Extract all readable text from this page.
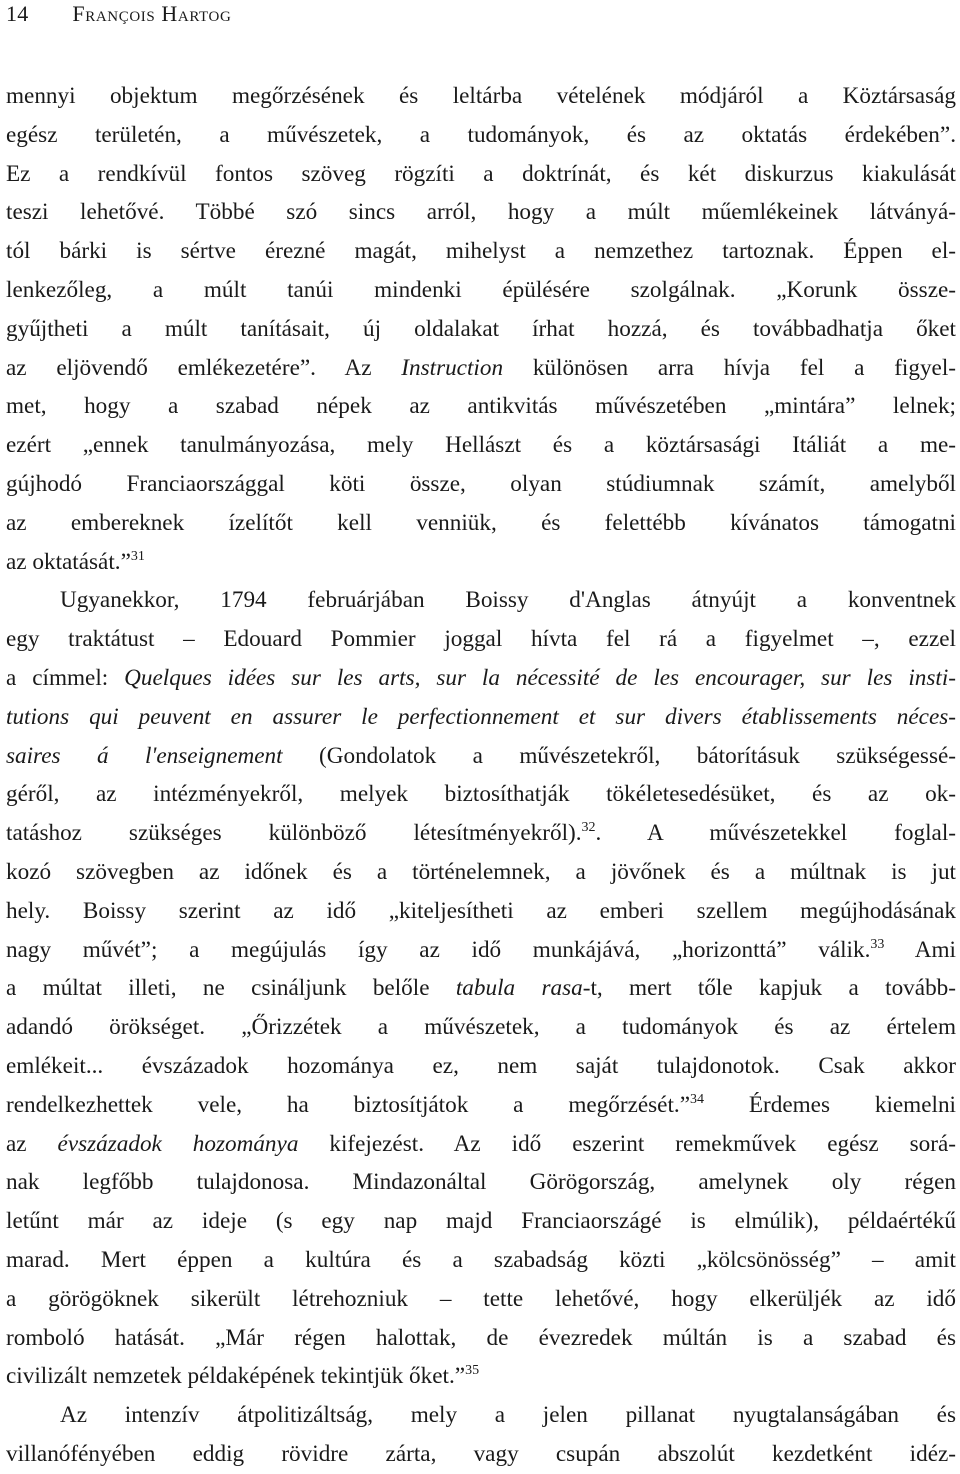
14 François Hartog
mennyi objektum megőrzésének és leltárba vételének módjáról a Köztársaság
egész területén, a művészetek, a tudományok, és az oktatás érdekében”.
Ez a rendkívül fontos szöveg rögzíti a doktrínát, és két diskurzus kiakulását
teszi lehetővé. Többé szó sincs arról, hogy a múlt műemlékeinek látványá-
tól bárki is sértve érezné magát, mihelyst a nemzethez tartoznak. Éppen el-
lenkezőleg, a múlt tanúi mindenki épülésére szolgálnak. „Korunk össze-
gyűjtheti a múlt tanításait, új oldalakat írhat hozzá, és továbbadhatja őket
az eljövendő emlékezetére”. Az Instruction különösen arra hívja fel a figyel-
met, hogy a szabad népek az antikvitás művészetében „mintára” lelnek;
ezért „ennek tanulmányozása, mely Hellászt és a köztársasági Itáliát a me-
gújhodó Franciaországgal köti össze, olyan stúdiumnak számít, amelyből
az embereknek ízelítőt kell venniük, és felettébb kívánatos támogatni
az oktatását.”$^{31}$
Ugyanekkor, 1794 februárjában Boissy d'Anglas átnyújt a konventnek
egy traktátust – Edouard Pommier joggal hívta fel rá a figyelmet –, ezzel
a címmel: Quelques idées sur les arts, sur la nécessité de les encourager, sur les insti-
tutions qui peuvent en assurer le perfectionnement et sur divers établissements néces-
saires á l'enseignement (Gondolatok a művészetekről, bátorításuk szükségessé-
géről, az intézményekről, melyek biztosíthatják tökéletesedésüket, és az ok-
tatáshoz szükséges különböző létesítményekről).$^{32}$. A művészetekkel foglal-
kozó szövegben az időnek és a történelemnek, a jövőnek és a múltnak is jut
hely. Boissy szerint az idő „kiteljesítheti az emberi szellem megújhodásának
nagy művét”; a megújulás így az idő munkájává, „horizonttá” válik.$^{33}$ Ami
a múltat illeti, ne csináljunk belőle tabula rasa-t, mert tőle kapjuk a tovább-
adandó örökséget. „Őrizzétek a művészetek, a tudományok és az értelem
emlékeit... évszázadok hozománya ez, nem saját tulajdonotok. Csak akkor
rendelkezhettek vele, ha biztosítjátok a megőrzését.”$^{34}$ Érdemes kiemelni
az évszázadok hozománya kifejezést. Az idő eszerint remekművek egész sorá-
nak legfőbb tulajdonosa. Mindazonáltal Görögország, amelynek oly régen
letűnt már az ideje (s egy nap majd Franciaországé is elmúlik), példaértékű
marad. Mert éppen a kultúra és a szabadság közti „kölcsönösség” – amit
a görögöknek sikerült létrehozniuk – tette lehetővé, hogy elkerüljék az idő
romboló hatását. „Már régen halottak, de évezredek múltán is a szabad és
civilizált nemzetek példaképének tekintjük őket.”$^{35}$
Az intenzív átpolitizáltság, mely a jelen pillanat nyugtalanságában és
villanófényében eddig rövidre zárta, vagy csupán abszolút kezdetként idéz-
